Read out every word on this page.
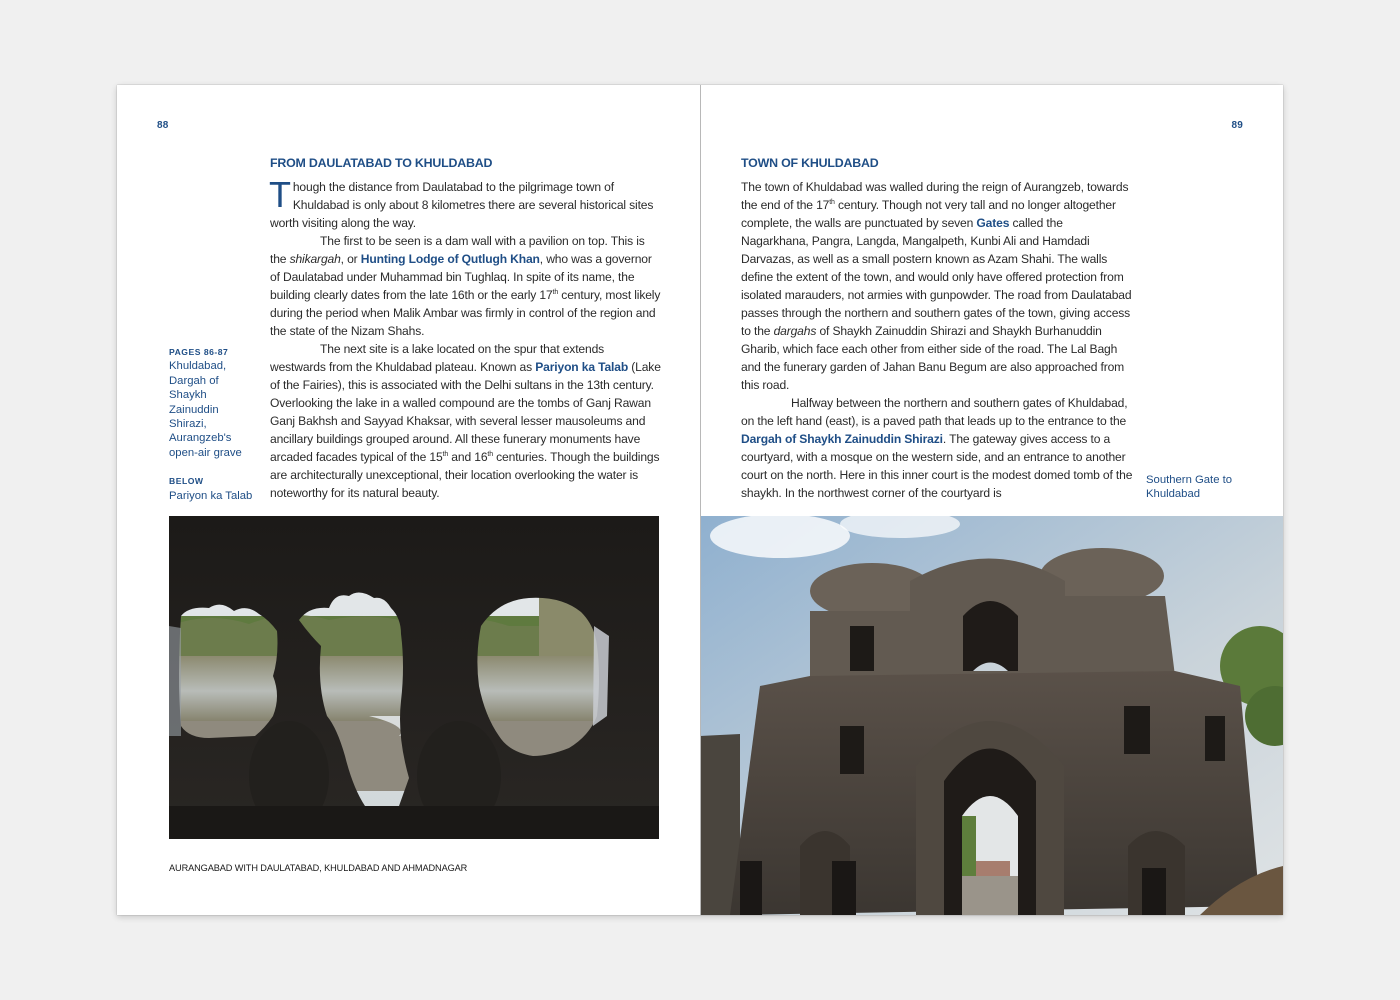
88
FROM DAULATABAD TO KHULDABAD

Though the distance from Daulatabad to the pilgrimage town of Khuldabad is only about 8 kilometres there are several historical sites worth visiting along the way.

The first to be seen is a dam wall with a pavilion on top. This is the shikargah, or Hunting Lodge of Qutlugh Khan, who was a governor of Daulatabad under Muhammad bin Tughlaq. In spite of its name, the building clearly dates from the late 16th or the early 17th century, most likely during the period when Malik Ambar was firmly in control of the region and the state of the Nizam Shahs.

The next site is a lake located on the spur that extends westwards from the Khuldabad plateau. Known as Pariyon ka Talab (Lake of the Fairies), this is associated with the Delhi sultans in the 13th century. Overlooking the lake in a walled compound are the tombs of Ganj Rawan Ganj Bakhsh and Sayyad Khaksar, with several lesser mausoleums and ancillary buildings grouped around. All these funerary monuments have arcaded facades typical of the 15th and 16th centuries. Though the buildings are architecturally unexceptional, their location overlooking the water is noteworthy for its natural beauty.

PAGES 86-87
Khuldabad, Dargah of Shaykh Zainuddin Shirazi, Aurangzeb's open-air grave
BELOW
Pariyon ka Talab
AURANGABAD WITH DAULATABAD, KHULDABAD AND AHMADNAGAR
89
TOWN OF KHULDABAD

The town of Khuldabad was walled during the reign of Aurangzeb, towards the end of the 17th century. Though not very tall and no longer altogether complete, the walls are punctuated by seven Gates called the Nagarkhana, Pangra, Langda, Mangalpeth, Kunbi Ali and Hamdadi Darvazas, as well as a small postern known as Azam Shahi. The walls define the extent of the town, and would only have offered protection from isolated marauders, not armies with gunpowder. The road from Daulatabad passes through the northern and southern gates of the town, giving access to the dargahs of Shaykh Zainuddin Shirazi and Shaykh Burhanuddin Gharib, which face each other from either side of the road. The Lal Bagh and the funerary garden of Jahan Banu Begum are also approached from this road.

Halfway between the northern and southern gates of Khuldabad, on the left hand (east), is a paved path that leads up to the entrance to the Dargah of Shaykh Zainuddin Shirazi. The gateway gives access to a courtyard, with a mosque on the western side, and an entrance to another court on the north. Here in this inner court is the modest domed tomb of the shaykh. In the northwest corner of the courtyard is

Southern Gate to Khuldabad
